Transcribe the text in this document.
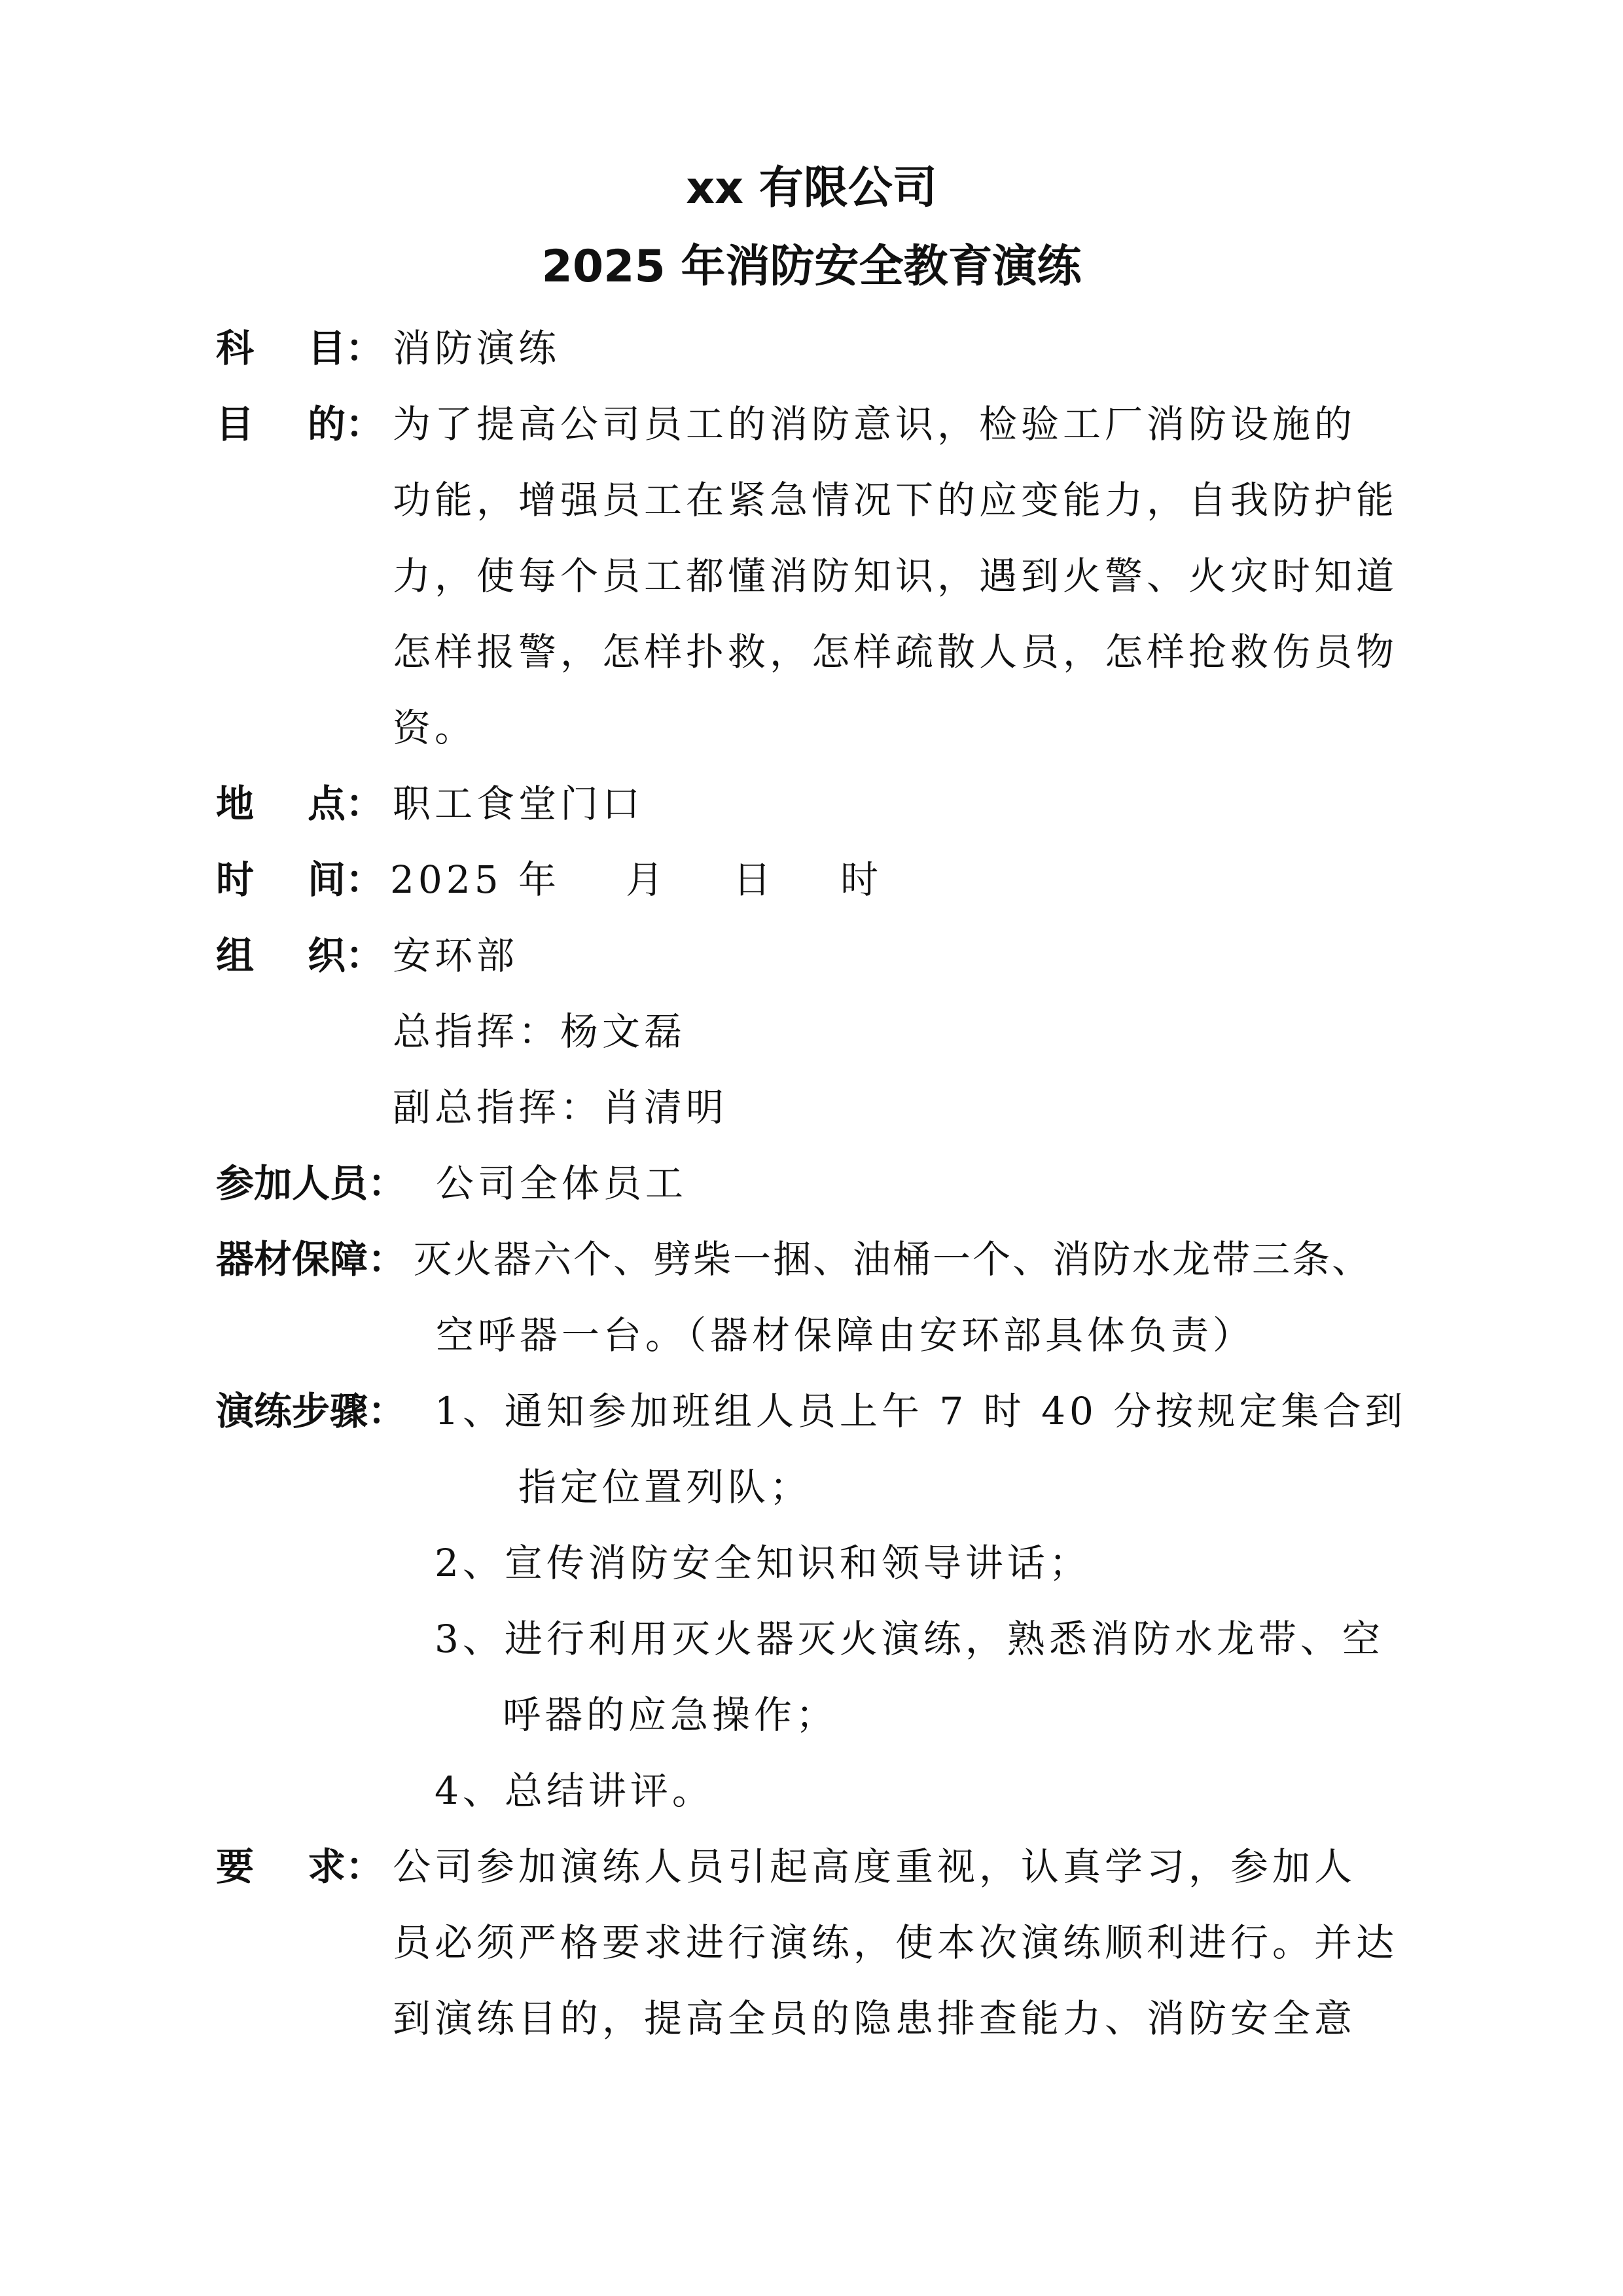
xx 有限公司
2025 年消防安全教育演练
科 目： 消防演练
目 的： 为了提高公司员工的消防意识，检验工厂消防设施的
功能，增强员工在紧急情况下的应变能力，自我防护能
力，使每个员工都懂消防知识，遇到火警、火灾时知道
怎样报警，怎样扑救，怎样疏散人员，怎样抢救伤员物
资。
地 点： 职工食堂门口
时 间： 2025 年 月 日 时
组 织： 安环部
总指挥：杨文磊
副总指挥：肖清明
参加人员： 公司全体员工
器材保障： 灭火器六个、劈柴一捆、油桶一个、消防水龙带三条、
空呼器一台。（器材保障由安环部具体负责）
演练步骤： 1、通知参加班组人员上午 7 时 40 分按规定集合到
指定位置列队；
2、宣传消防安全知识和领导讲话；
3、进行利用灭火器灭火演练，熟悉消防水龙带、空
呼器的应急操作；
4、总结讲评。
要 求： 公司参加演练人员引起高度重视，认真学习，参加人
员必须严格要求进行演练，使本次演练顺利进行。并达
到演练目的，提高全员的隐患排查能力、消防安全意
